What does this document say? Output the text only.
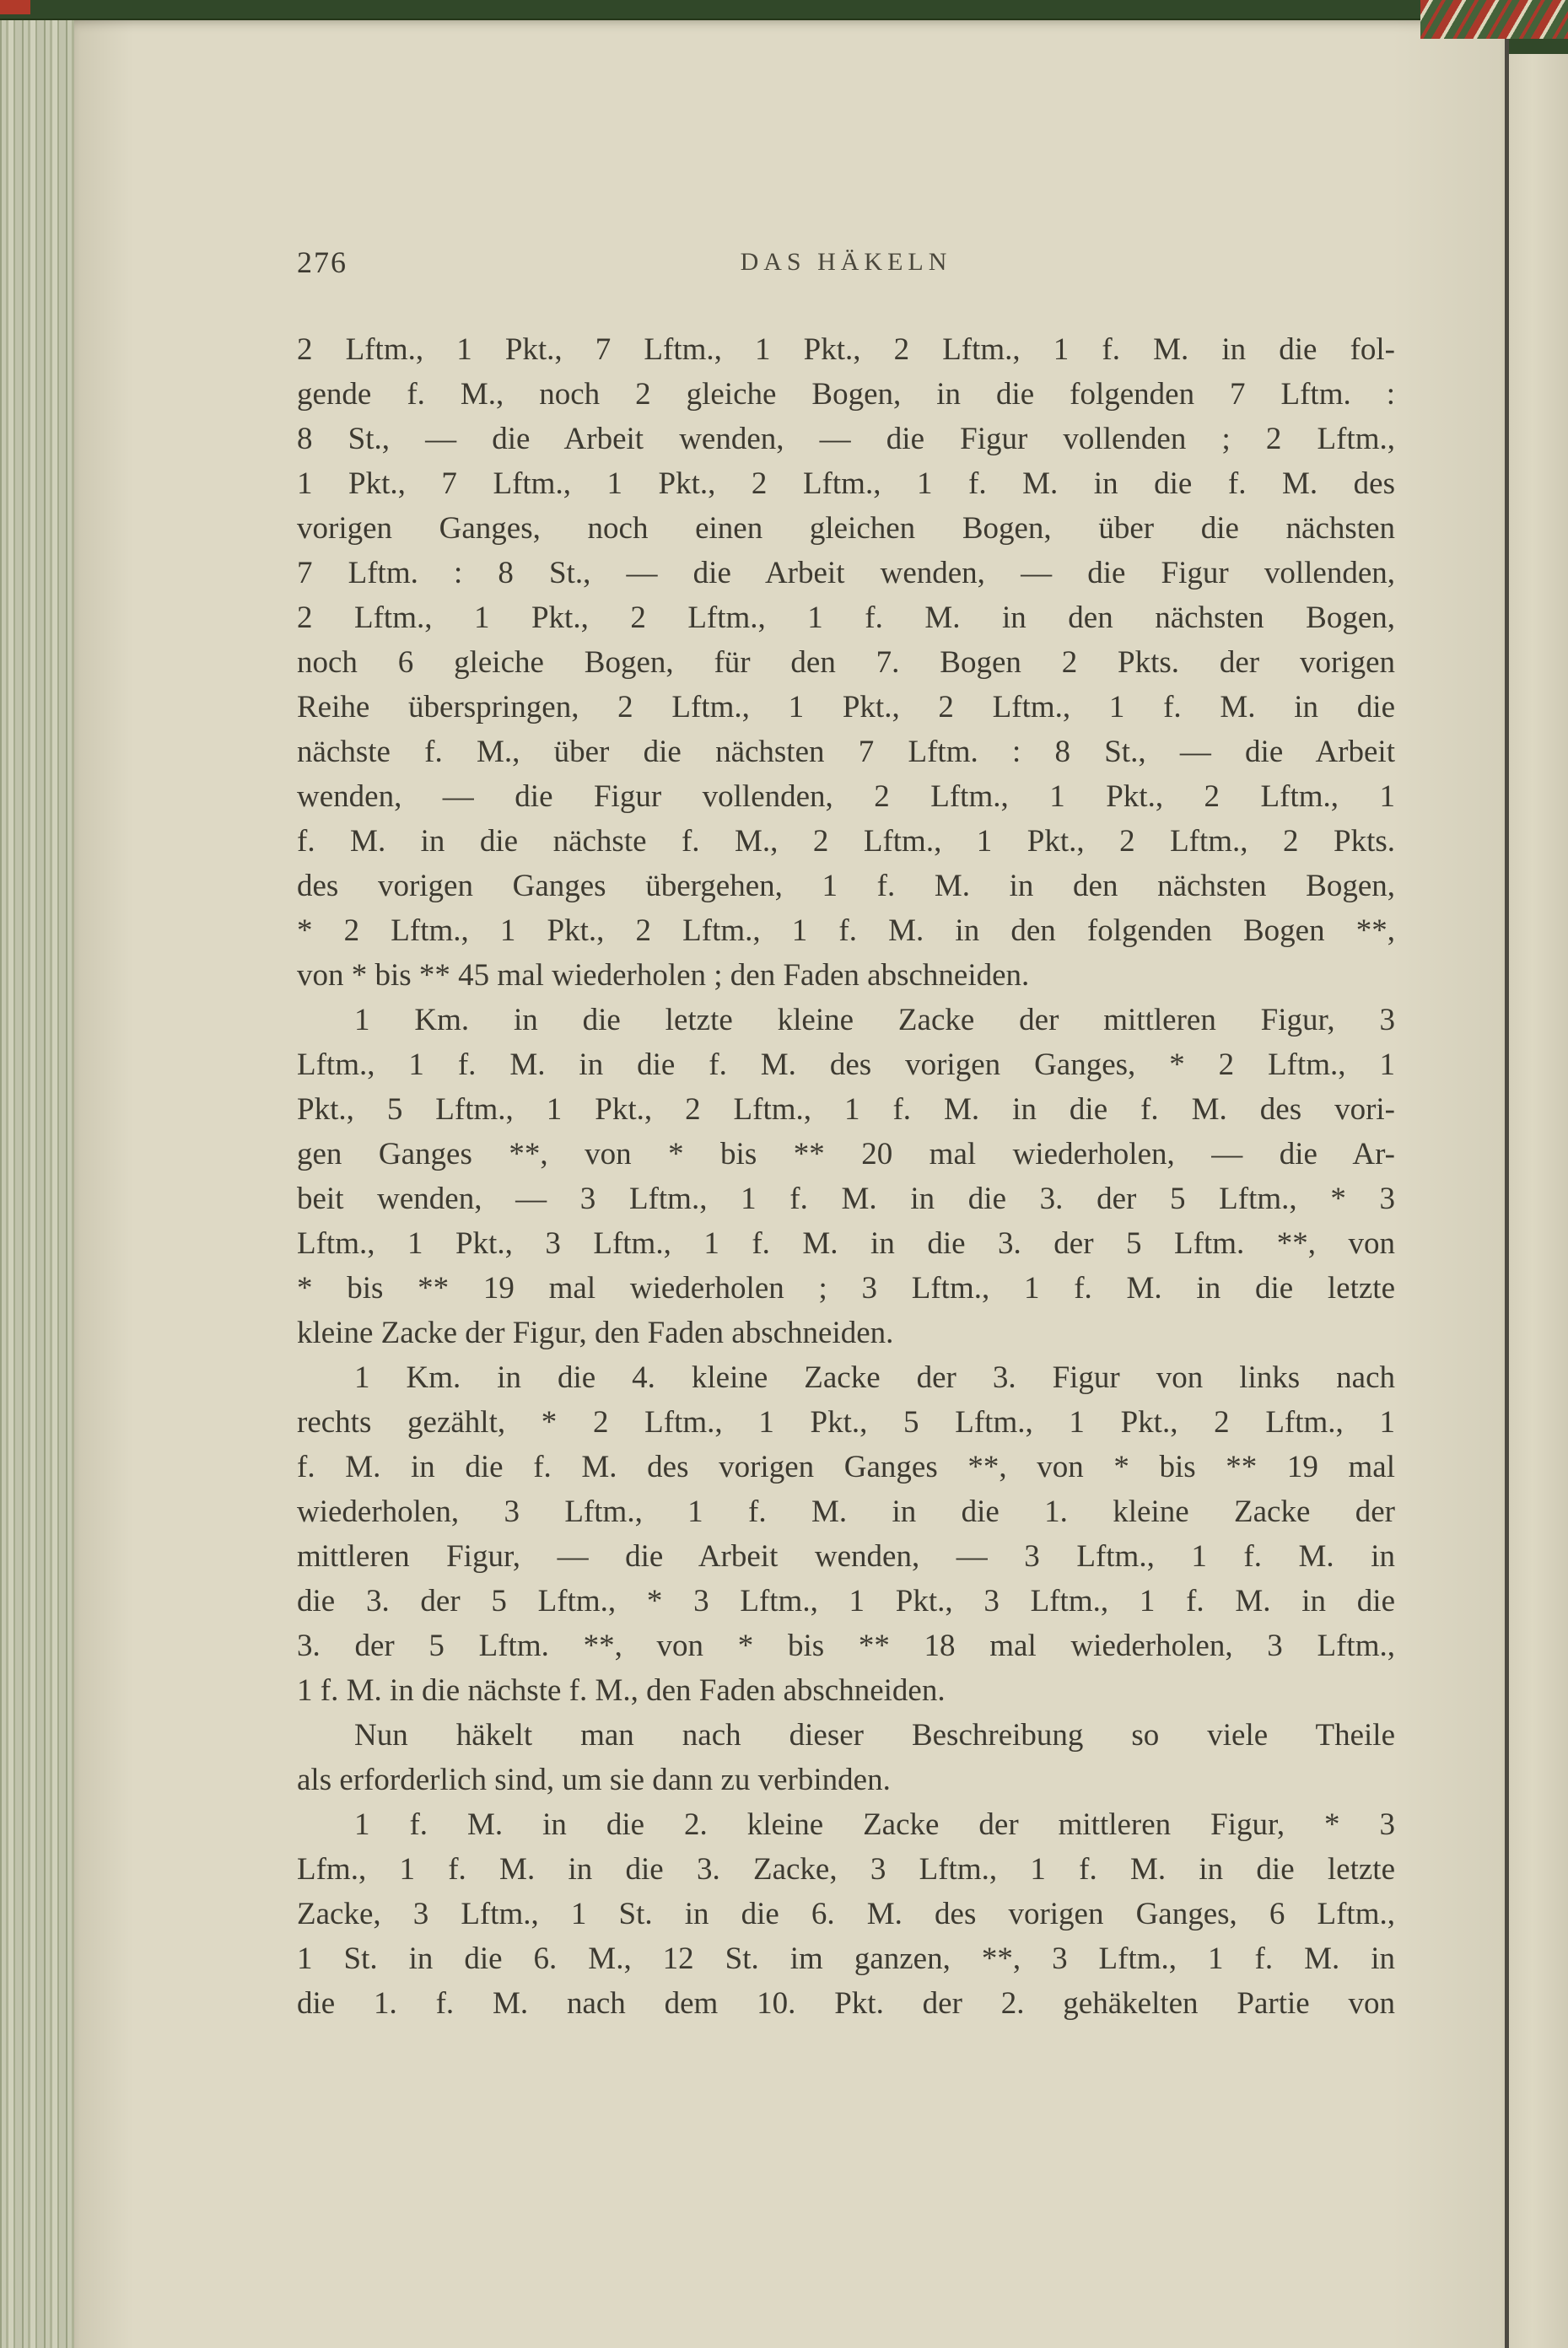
276	DAS HÄKELN
2 Lftm., 1 Pkt., 7 Lftm., 1 Pkt., 2 Lftm., 1 f. M. in die fol-
gende f. M., noch 2 gleiche Bogen, in die folgenden 7 Lftm. :
8 St., — die Arbeit wenden, — die Figur vollenden ; 2 Lftm.,
1 Pkt., 7 Lftm., 1 Pkt., 2 Lftm., 1 f. M. in die f. M. des
vorigen Ganges, noch einen gleichen Bogen, über die nächsten
7 Lftm. : 8 St., — die Arbeit wenden, — die Figur vollenden,
2 Lftm., 1 Pkt., 2 Lftm., 1 f. M. in den nächsten Bogen,
noch 6 gleiche Bogen, für den 7. Bogen 2 Pkts. der vorigen
Reihe überspringen, 2 Lftm., 1 Pkt., 2 Lftm., 1 f. M. in die
nächste f. M., über die nächsten 7 Lftm. : 8 St., — die Arbeit
wenden, — die Figur vollenden, 2 Lftm., 1 Pkt., 2 Lftm., 1
f. M. in die nächste f. M., 2 Lftm., 1 Pkt., 2 Lftm., 2 Pkts.
des vorigen Ganges übergehen, 1 f. M. in den nächsten Bogen,
* 2 Lftm., 1 Pkt., 2 Lftm., 1 f. M. in den folgenden Bogen **,
von * bis ** 45 mal wiederholen ; den Faden abschneiden.
1 Km. in die letzte kleine Zacke der mittleren Figur, 3
Lftm., 1 f. M. in die f. M. des vorigen Ganges, * 2 Lftm., 1
Pkt., 5 Lftm., 1 Pkt., 2 Lftm., 1 f. M. in die f. M. des vori-
gen Ganges **, von * bis ** 20 mal wiederholen, — die Ar-
beit wenden, — 3 Lftm., 1 f. M. in die 3. der 5 Lftm., * 3
Lftm., 1 Pkt., 3 Lftm., 1 f. M. in die 3. der 5 Lftm. **, von
* bis ** 19 mal wiederholen ; 3 Lftm., 1 f. M. in die letzte
kleine Zacke der Figur, den Faden abschneiden.
1 Km. in die 4. kleine Zacke der 3. Figur von links nach
rechts gezählt, * 2 Lftm., 1 Pkt., 5 Lftm., 1 Pkt., 2 Lftm., 1
f. M. in die f. M. des vorigen Ganges **, von * bis ** 19 mal
wiederholen, 3 Lftm., 1 f. M. in die 1. kleine Zacke der
mittleren Figur, — die Arbeit wenden, — 3 Lftm., 1 f. M. in
die 3. der 5 Lftm., * 3 Lftm., 1 Pkt., 3 Lftm., 1 f. M. in die
3. der 5 Lftm. **, von * bis ** 18 mal wiederholen, 3 Lftm.,
1 f. M. in die nächste f. M., den Faden abschneiden.
Nun häkelt man nach dieser Beschreibung so viele Theile
als erforderlich sind, um sie dann zu verbinden.
1 f. M. in die 2. kleine Zacke der mittleren Figur, * 3
Lfm., 1 f. M. in die 3. Zacke, 3 Lftm., 1 f. M. in die letzte
Zacke, 3 Lftm., 1 St. in die 6. M. des vorigen Ganges, 6 Lftm.,
1 St. in die 6. M., 12 St. im ganzen, **, 3 Lftm., 1 f. M. in
die 1. f. M. nach dem 10. Pkt. der 2. gehäkelten Partie von
